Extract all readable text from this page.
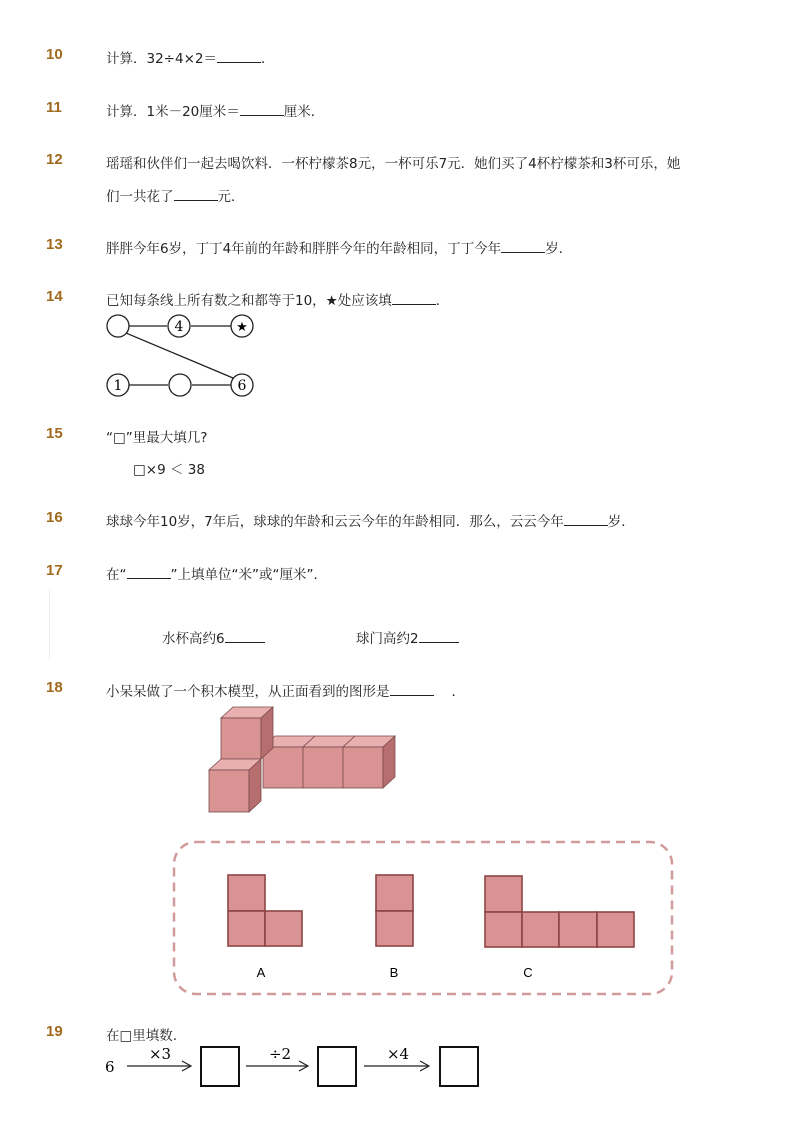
10	计算．32÷4×2＝	．
11	计算．1米－20厘米＝	厘米．
12	瑶瑶和伙伴们一起去喝饮料．一杯柠檬茶8元，一杯可乐7元．她们买了4杯柠檬茶和3杯可乐，她
们一共花了	元．
13	胖胖今年6岁，丁丁4年前的年龄和胖胖今年的年龄相同，丁丁今年	岁．
14	已知每条线上所有数之和都等于10，★处应该填	．
4	★
1	6
15	“□”里最大填几?
□×9 ＜ 38
16	球球今年10岁，7年后，球球的年龄和云云今年的年龄相同．那么，云云今年	岁．
17	在“	”上填单位“米”或“厘米”．
水杯高约6	球门高约2
18	小呆呆做了一个积木模型，从正面看到的图形是	．
A	B	C
19	在□里填数.
6
×3	÷2	×4
